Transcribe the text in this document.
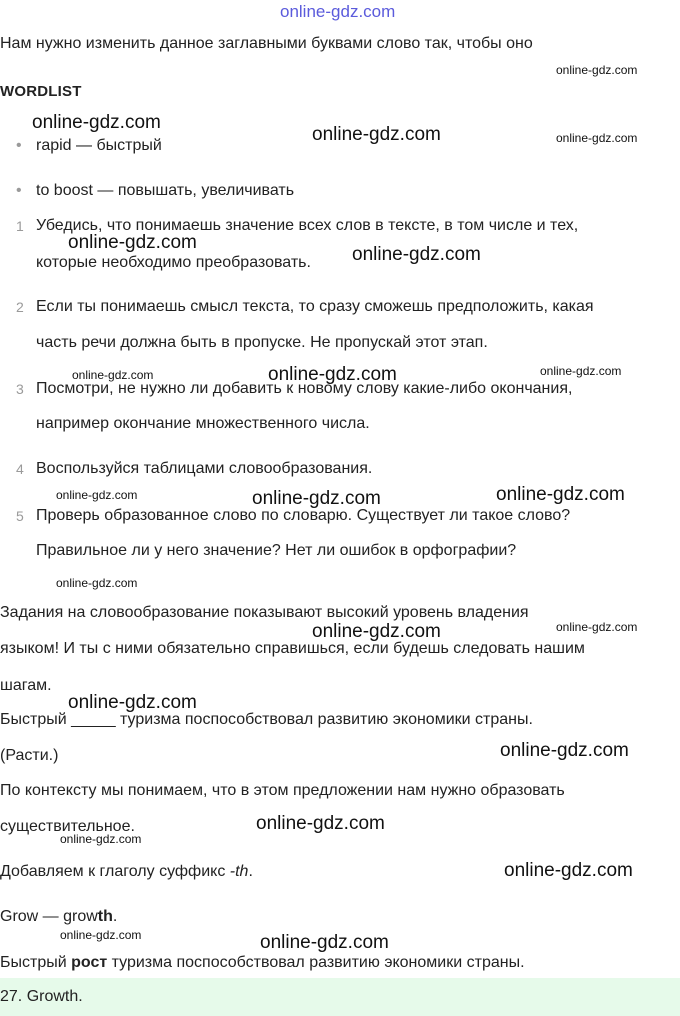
online-gdz.com
Нам нужно изменить данное заглавными буквами слово так, чтобы оно
WORDLIST
• rapid — быстрый
• to boost — повышать, увеличивать
1 Убедись, что понимаешь значение всех слов в тексте, в том числе и тех,
которые необходимо преобразовать.
2 Если ты понимаешь смысл текста, то сразу сможешь предположить, какая
часть речи должна быть в пропуске. Не пропускай этот этап.
3 Посмотри, не нужно ли добавить к новому слову какие-либо окончания,
например окончание множественного числа.
4 Воспользуйся таблицами словообразования.
5 Проверь образованное слово по словарю. Существует ли такое слово?
Правильное ли у него значение? Нет ли ошибок в орфографии?
Задания на словообразование показывают высокий уровень владения
языком! И ты с ними обязательно справишься, если будешь следовать нашим
шагам.
Быстрый _____ туризма поспособствовал развитию экономики страны.
(Расти.)
По контексту мы понимаем, что в этом предложении нам нужно образовать
существительное.
Добавляем к глаголу суффикс -th.
Grow — growth.
Быстрый рост туризма поспособствовал развитию экономики страны.
27. Growth.
online-gdz.com
online-gdz.com
online-gdz.com	online-gdz.com
online-gdz.com
online-gdz.com
online-gdz.com	online-gdz.com	online-gdz.com
online-gdz.com	online-gdz.com	online-gdz.com
online-gdz.com
online-gdz.com	online-gdz.com
online-gdz.com
online-gdz.com
online-gdz.com
online-gdz.com
online-gdz.com
online-gdz.com	online-gdz.com
